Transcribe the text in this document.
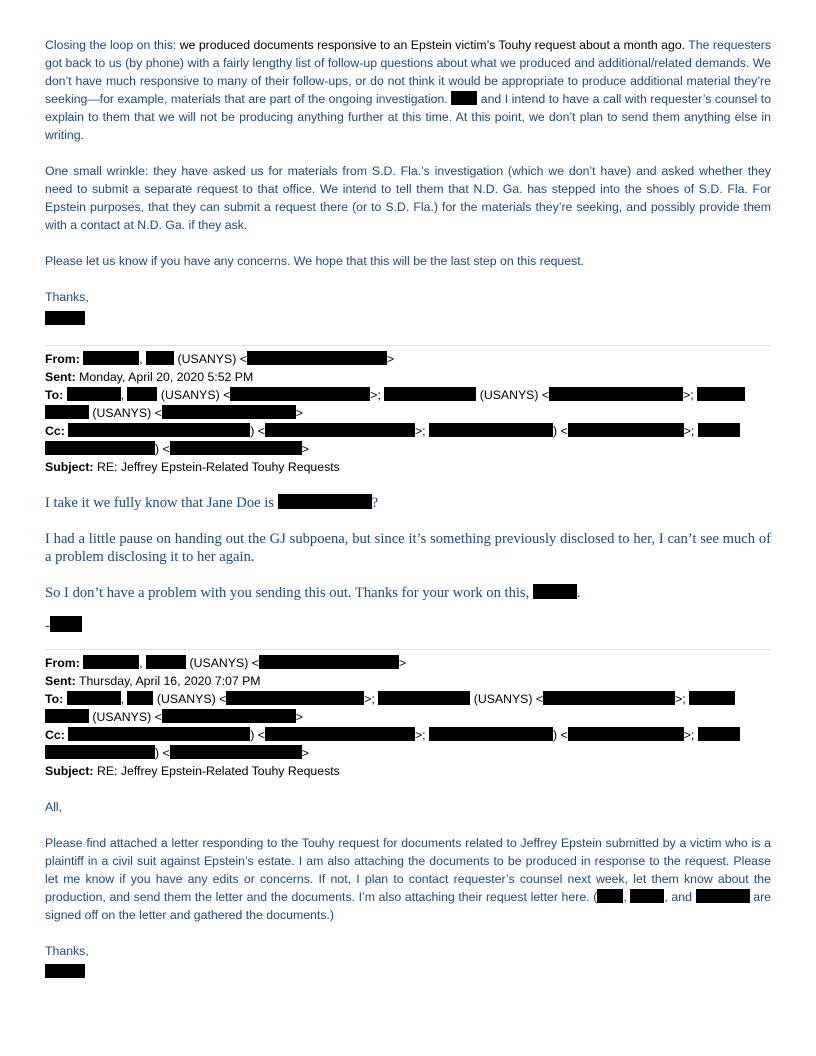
Closing the loop on this: we produced documents responsive to an Epstein victim’s Touhy request about a month ago. The requesters got back to us (by phone) with a fairly lengthy list of follow-up questions about what we produced and additional/related demands. We don’t have much responsive to many of their follow-ups, or do not think it would be appropriate to produce additional material they’re seeking—for example, materials that are part of the ongoing investigation.  and I intend to have a call with requester’s counsel to explain to them that we will not be producing anything further at this time. At this point, we don’t plan to send them anything else in writing.

One small wrinkle: they have asked us for materials from S.D. Fla.’s investigation (which we don’t have) and asked whether they need to submit a separate request to that office. We intend to tell them that N.D. Ga. has stepped into the shoes of S.D. Fla. For Epstein purposes, that they can submit a request there (or to S.D. Fla.) for the materials they’re seeking, and possibly provide them with a contact at N.D. Ga. if they ask.

Please let us know if you have any concerns. We hope that this will be the last step on this request.

Thanks,

From:	,	(USANYS) <	>
Sent: Monday, April 20, 2020 5:52 PM
To:	,	(USANYS) <	>;	(USANYS) <	>;
(USANYS) <	>
Cc:	) <	>;	) <	>;
) <	>
Subject: RE: Jeffrey Epstein-Related Touhy Requests

I take it we fully know that Jane Doe is	?

I had a little pause on handing out the GJ subpoena, but since it’s something previously disclosed to her, I can’t see much of a problem disclosing it to her again.

So I don’t have a problem with you sending this out. Thanks for your work on this,	.

-

From:	,	(USANYS) <	>
Sent: Thursday, April 16, 2020 7:07 PM
To:	,	(USANYS) <	>;	(USANYS) <	>;
(USANYS) <	>
Cc:	) <	>;	) <	>;
) <	>
Subject: RE: Jeffrey Epstein-Related Touhy Requests

All,

Please find attached a letter responding to the Touhy request for documents related to Jeffrey Epstein submitted by a victim who is a plaintiff in a civil suit against Epstein’s estate. I am also attaching the documents to be produced in response to the request. Please let me know if you have any edits or concerns. If not, I plan to contact requester’s counsel next week, let them know about the production, and send them the letter and the documents. I’m also attaching their request letter here. ( ,	, and	are signed off on the letter and gathered the documents.)

Thanks,
